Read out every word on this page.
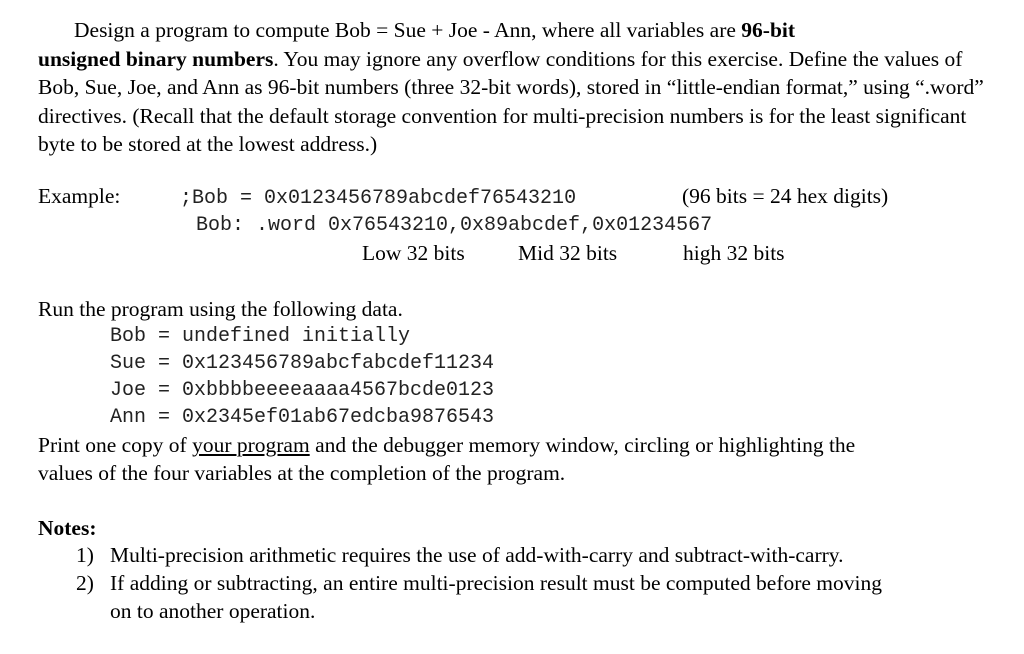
Design a program to compute Bob = Sue + Joe - Ann, where all variables are 96-bit
unsigned binary numbers. You may ignore any overflow conditions for this exercise. Define the values of Bob, Sue, Joe, and Ann as 96-bit numbers (three 32-bit words), stored in “little-endian format,” using “.word” directives. (Recall that the default storage convention for multi-precision numbers is for the least significant byte to be stored at the lowest address.)
Example:	;Bob = 0x0123456789abcdef76543210	(96 bits = 24 hex digits)
Bob: .word 0x76543210,0x89abcdef,0x01234567
Low 32 bits Mid 32 bits	high 32 bits
Run the program using the following data.
Bob = undefined initially
Sue = 0x123456789abcfabcdef11234
Joe = 0xbbbbeeeeaaaa4567bcde0123
Ann = 0x2345ef01ab67edcba9876543
Print one copy of your program and the debugger memory window, circling or highlighting the
values of the four variables at the completion of the program.
Notes:
1) Multi-precision arithmetic requires the use of add-with-carry and subtract-with-carry.
2) If adding or subtracting, an entire multi-precision result must be computed before moving
on to another operation.
